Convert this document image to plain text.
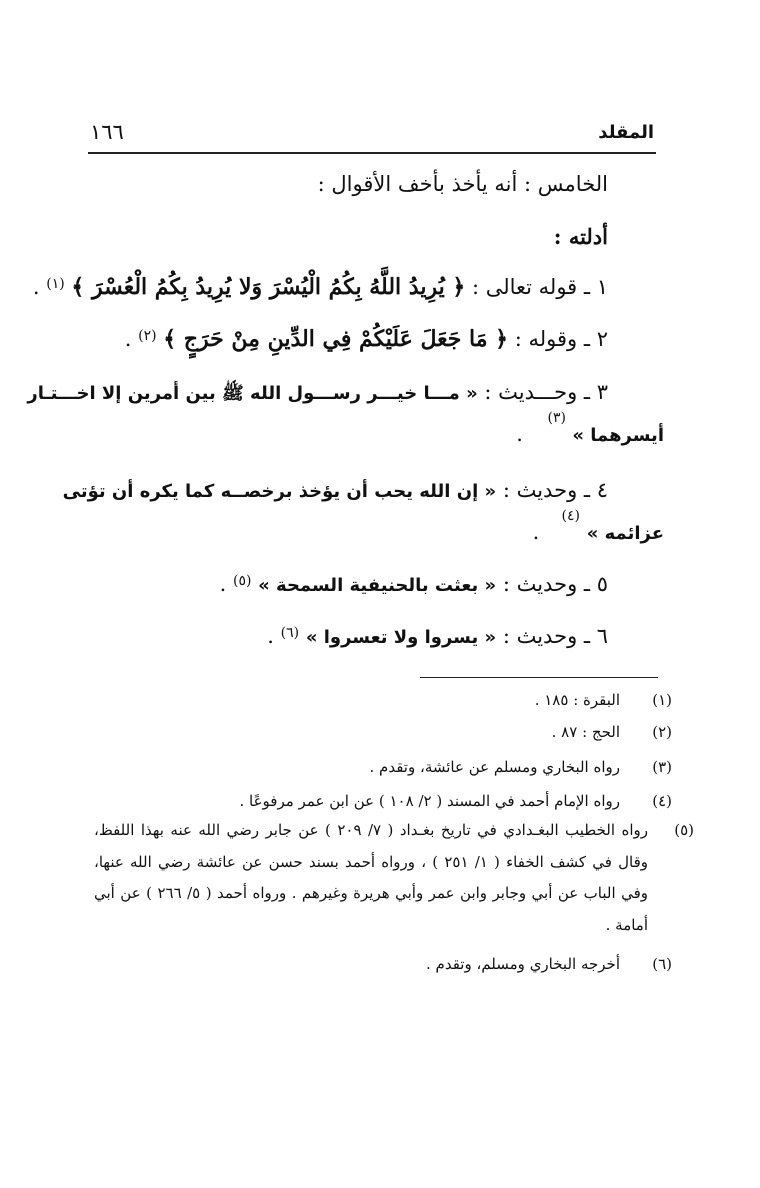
المقلد
١٦٦
الخامس : أنه يأخذ بأخف الأقوال :
أدلته :
١ ـ قوله تعالى : ﴿ يُرِيدُ اللَّهُ بِكُمُ الْيُسْرَ وَلا يُرِيدُ بِكُمُ الْعُسْرَ ﴾ $^{(١)}$ .
٢ ـ وقوله : ﴿ مَا جَعَلَ عَلَيْكُمْ فِي الدِّينِ مِنْ حَرَجٍ ﴾ $^{(٢)}$ .
٣ ـ وحـــديث : « مـــا خيـــر رســـول الله ﷺ بين أمرين إلا اخـــتـار
أيسرهما »  .
(٣)
٤ ـ وحديث : « إن الله يحب أن يؤخذ برخصــه كما يكره أن تؤتى
عزائمه »  .
(٤)
٥ ـ وحديث : « بعثت بالحنيفية السمحة » $^{(٥)}$ .
٦ ـ وحديث : « يسروا ولا تعسروا » $^{(٦)}$ .
(١)
البقرة : ١٨٥ .
(٢)
الحج : ٨٧ .
(٣)
رواه البخاري ومسلم عن عائشة، وتقدم .
(٤)
رواه الإمام أحمد في المسند ( ٢/ ١٠٨ ) عن ابن عمر مرفوعًا .
(٥)
رواه الخطيب البغـدادي في تاريخ بغـداد ( ٧/ ٢٠٩ ) عن جابر رضي الله عنه بهذا اللفظ، وقال في كشف الخفاء ( ١/ ٢٥١ ) ، ورواه أحمد بسند حسن عن عائشة رضي الله عنها، وفي الباب عن أبي وجابر وابن عمر وأبي هريرة وغيرهم . ورواه أحمد ( ٥/ ٢٦٦ ) عن أبي أمامة .
(٦)
أخرجه البخاري ومسلم، وتقدم .
